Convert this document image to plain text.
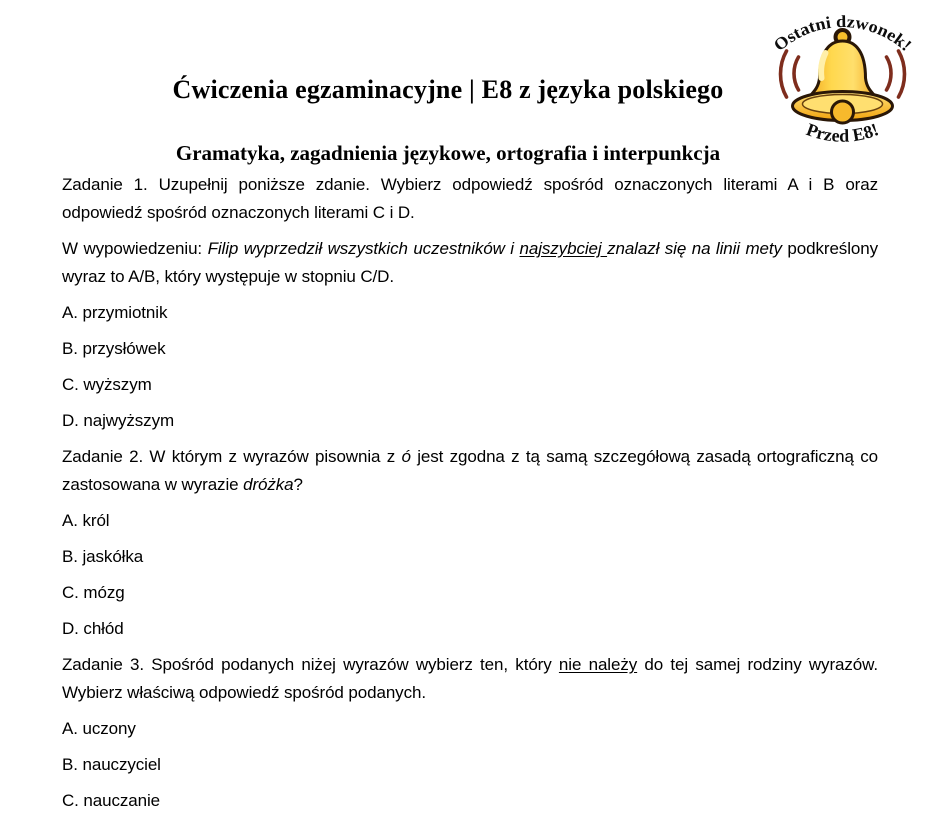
Ostatni dzwonek!
Przed E8!
Ćwiczenia egzaminacyjne | E8 z języka polskiego
Gramatyka, zagadnienia językowe, ortografia i interpunkcja

Zadanie 1. Uzupełnij poniższe zdanie. Wybierz odpowiedź spośród oznaczonych literami A i B oraz odpowiedź spośród oznaczonych literami C i D.

W wypowiedzeniu: Filip wyprzedził wszystkich uczestników i najszybciej znalazł się na linii mety podkreślony wyraz to A/B, który występuje w stopniu C/D.

A. przymiotnik

B. przysłówek

C. wyższym

D. najwyższym

Zadanie 2. W którym z wyrazów pisownia z ó jest zgodna z tą samą szczegółową zasadą ortograficzną co zastosowana w wyrazie dróżka?

A. król

B. jaskółka

C. mózg

D. chłód

Zadanie 3. Spośród podanych niżej wyrazów wybierz ten, który nie należy do tej samej rodziny wyrazów. Wybierz właściwą odpowiedź spośród podanych.

A. uczony

B. nauczyciel

C. nauczanie
